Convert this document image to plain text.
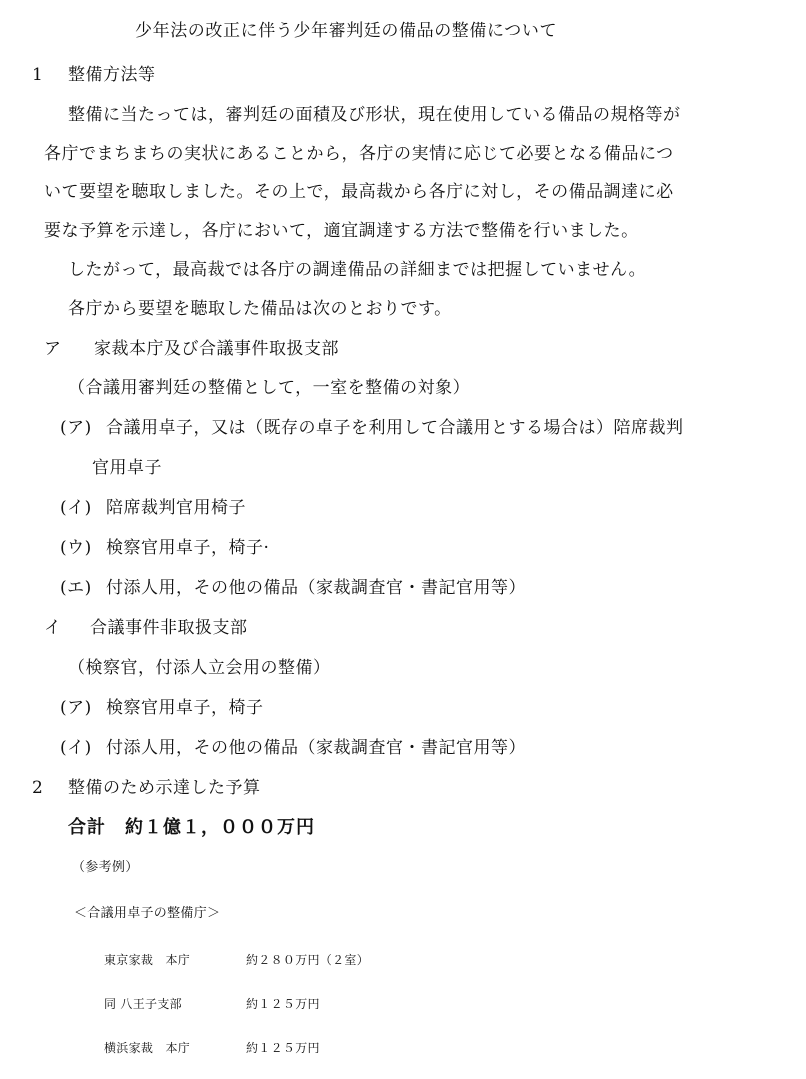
少年法の改正に伴う少年審判廷の備品の整備について
1 整備方法等
整備に当たっては，審判廷の面積及び形状，現在使用している備品の規格等が
各庁でまちまちの実状にあることから，各庁の実情に応じて必要となる備品につ
いて要望を聴取しました。その上で，最高裁から各庁に対し，その備品調達に必
要な予算を示達し，各庁において，適宜調達する方法で整備を行いました。
したがって，最高裁では各庁の調達備品の詳細までは把握していません。
各庁から要望を聴取した備品は次のとおりです。
ア 家裁本庁及び合議事件取扱支部
（合議用審判廷の整備として，一室を整備の対象）
(ア) 合議用卓子，又は（既存の卓子を利用して合議用とする場合は）陪席裁判
官用卓子
(イ) 陪席裁判官用椅子
(ウ) 検察官用卓子，椅子·
(エ) 付添人用，その他の備品（家裁調査官・書記官用等）
イ 合議事件非取扱支部
（検察官，付添人立会用の整備）
(ア) 検察官用卓子，椅子
(イ) 付添人用，その他の備品（家裁調査官・書記官用等）
2 整備のため示達した予算
合計　約１億１，０００万円
（参考例）
＜合議用卓子の整備庁＞
東京家裁　本庁	約２８０万円（２室）
同 八王子支部	約１２５万円
横浜家裁　本庁	約１２５万円
